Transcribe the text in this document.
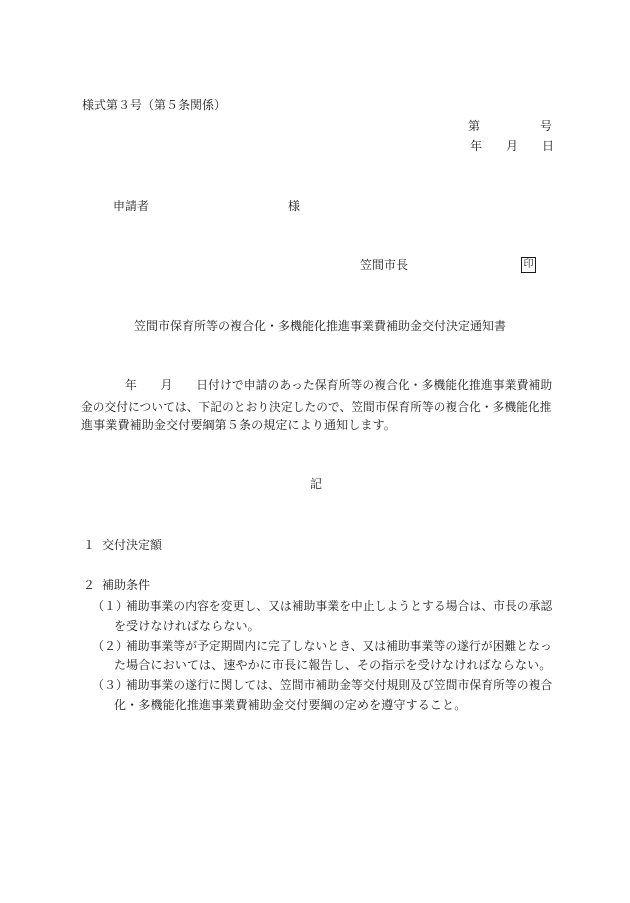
様式第３号（第５条関係）
第　　　　　号
年　　月　　日
申請者	様
笠間市長	印
笠間市保育所等の複合化・多機能化推進事業費補助金交付決定通知書
年　　月　　日付けで申請のあった保育所等の複合化・多機能化推進事業費補助
金の交付については、下記のとおり決定したので、笠間市保育所等の複合化・多機能化推
進事業費補助金交付要綱第５条の規定により通知します。
記
１ 交付決定額
２ 補助条件
（１）
補助事業の内容を変更し、又は補助事業を中止しようとする場合は、市長の承認
を受けなければならない。
（２）
補助事業等が予定期間内に完了しないとき、又は補助事業等の遂行が困難となっ
た場合においては、速やかに市長に報告し、その指示を受けなければならない。
（３）
補助事業の遂行に関しては、笠間市補助金等交付規則及び笠間市保育所等の複合
化・多機能化推進事業費補助金交付要綱の定めを遵守すること。
